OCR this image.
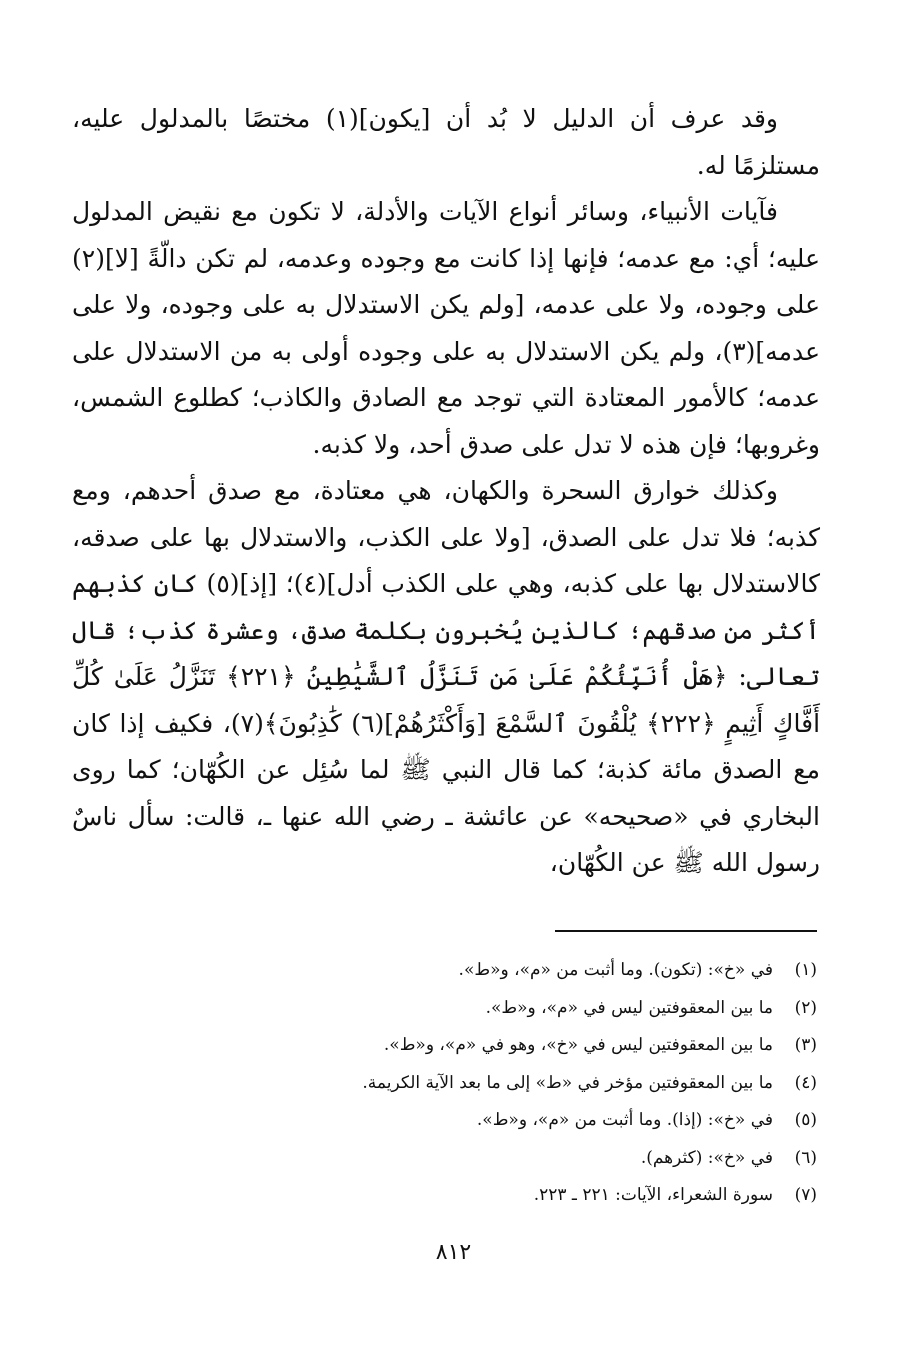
وقد عرف أن الدليل لا بُد أن [يكون](١) مختصًا بالمدلول عليه، مستلزمًا له.

فآيات الأنبياء، وسائر أنواع الآيات والأدلة، لا تكون مع نقيض المدلول عليه؛ أي: مع عدمه؛ فإنها إذا كانت مع وجوده وعدمه، لم تكن دالّةً [لا](٢) على وجوده، ولا على عدمه، [ولم يكن الاستدلال به على وجوده، ولا على عدمه](٣)، ولم يكن الاستدلال به على وجوده أولى به من الاستدلال على عدمه؛ كالأمور المعتادة التي توجد مع الصادق والكاذب؛ كطلوع الشمس، وغروبها؛ فإن هذه لا تدل على صدق أحد، ولا كذبه.

وكذلك خوارق السحرة والكهان، هي معتادة، مع صدق أحدهم، ومع كذبه؛ فلا تدل على الصدق، [ولا على الكذب، والاستدلال بها على صدقه، كالاستدلال بها على كذبه، وهي على الكذب أدل](٤)؛ [إذ](٥) كان كذبهم أكثر من صدقهم؛ كالذين يُخبرون بكلمة صدق، وعشرة كذب؛ قال تعالى: ﴿هَلْ أُنَبِّئُكُمْ عَلَىٰ مَن تَنَزَّلُ ٱلشَّيَٰطِينُ ﴿٢٢١﴾ تَنَزَّلُ عَلَىٰ كُلِّ أَفَّاكٍ أَثِيمٍ ﴿٢٢٢﴾ يُلْقُونَ ٱلسَّمْعَ [وَأَكْثَرُهُمْ](٦) كَٰذِبُونَ﴾(٧)، فكيف إذا كان مع الصدق مائة كذبة؛ كما قال النبي ﷺ لما سُئِل عن الكُهّان؛ كما روى البخاري في «صحيحه» عن عائشة ـ رضي الله عنها ـ، قالت: سأل ناسٌ رسول الله ﷺ عن الكُهّان،

(١)
في «خ»: (تكون). وما أثبت من «م»، و«ط».
(٢)
ما بين المعقوفتين ليس في «م»، و«ط».
(٣)
ما بين المعقوفتين ليس في «خ»، وهو في «م»، و«ط».
(٤)
ما بين المعقوفتين مؤخر في «ط» إلى ما بعد الآية الكريمة.
(٥)
في «خ»: (إذا). وما أثبت من «م»، و«ط».
(٦)
في «خ»: (كثرهم).
(٧)
سورة الشعراء، الآيات: ٢٢١ ـ ٢٢٣.
٨١٢
